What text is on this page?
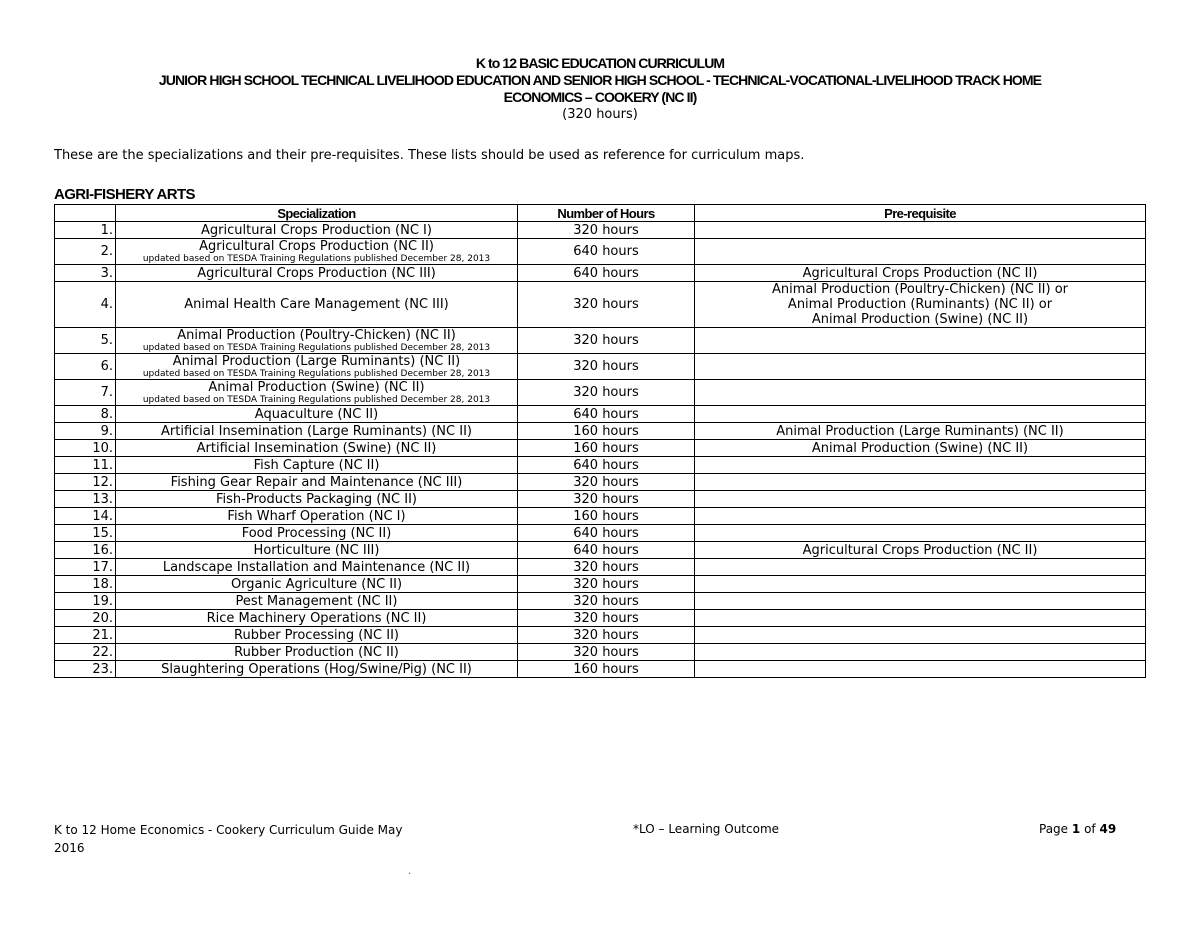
K to 12 BASIC EDUCATION CURRICULUM
JUNIOR HIGH SCHOOL TECHNICAL LIVELIHOOD EDUCATION AND SENIOR HIGH SCHOOL - TECHNICAL-VOCATIONAL-LIVELIHOOD TRACK HOME
ECONOMICS – COOKERY (NC II)
(320 hours)
These are the specializations and their pre-requisites. These lists should be used as reference for curriculum maps.
AGRI-FISHERY ARTS
	Specialization	Number of Hours	Pre-requisite
1.	Agricultural Crops Production (NC I)	320 hours	
2.	Agricultural Crops Production (NC II)
updated based on TESDA Training Regulations published December 28, 2013	640 hours	
3.	Agricultural Crops Production (NC III)	640 hours	Agricultural Crops Production (NC II)

4.	Animal Health Care Management (NC III)	320 hours	Animal Production (Poultry-Chicken) (NC II) or
Animal Production (Ruminants) (NC II) or
Animal Production (Swine) (NC II)

5.	Animal Production (Poultry-Chicken) (NC II)
updated based on TESDA Training Regulations published December 28, 2013	320 hours	
6.	Animal Production (Large Ruminants) (NC II)
updated based on TESDA Training Regulations published December 28, 2013	320 hours	
7.	Animal Production (Swine) (NC II)
updated based on TESDA Training Regulations published December 28, 2013	320 hours	
8.	Aquaculture (NC II)	640 hours	
9.	Artificial Insemination (Large Ruminants) (NC II)	160 hours	Animal Production (Large Ruminants) (NC II)

10.	Artificial Insemination (Swine) (NC II)	160 hours	Animal Production (Swine) (NC II)

11.	Fish Capture (NC II)	640 hours	
12.	Fishing Gear Repair and Maintenance (NC III)	320 hours	
13.	Fish-Products Packaging (NC II)	320 hours	
14.	Fish Wharf Operation (NC I)	160 hours	
15.	Food Processing (NC II)	640 hours	
16.	Horticulture (NC III)	640 hours	Agricultural Crops Production (NC II)

17.	Landscape Installation and Maintenance (NC II)	320 hours	
18.	Organic Agriculture (NC II)	320 hours	
19.	Pest Management (NC II)	320 hours	
20.	Rice Machinery Operations (NC II)	320 hours	
21.	Rubber Processing (NC II)	320 hours	
22.	Rubber Production (NC II)	320 hours	
23.	Slaughtering Operations (Hog/Swine/Pig) (NC II)	160 hours	
K to 12 Home Economics - Cookery Curriculum Guide May
2016
*LO – Learning Outcome	Page 1 of 49
.
